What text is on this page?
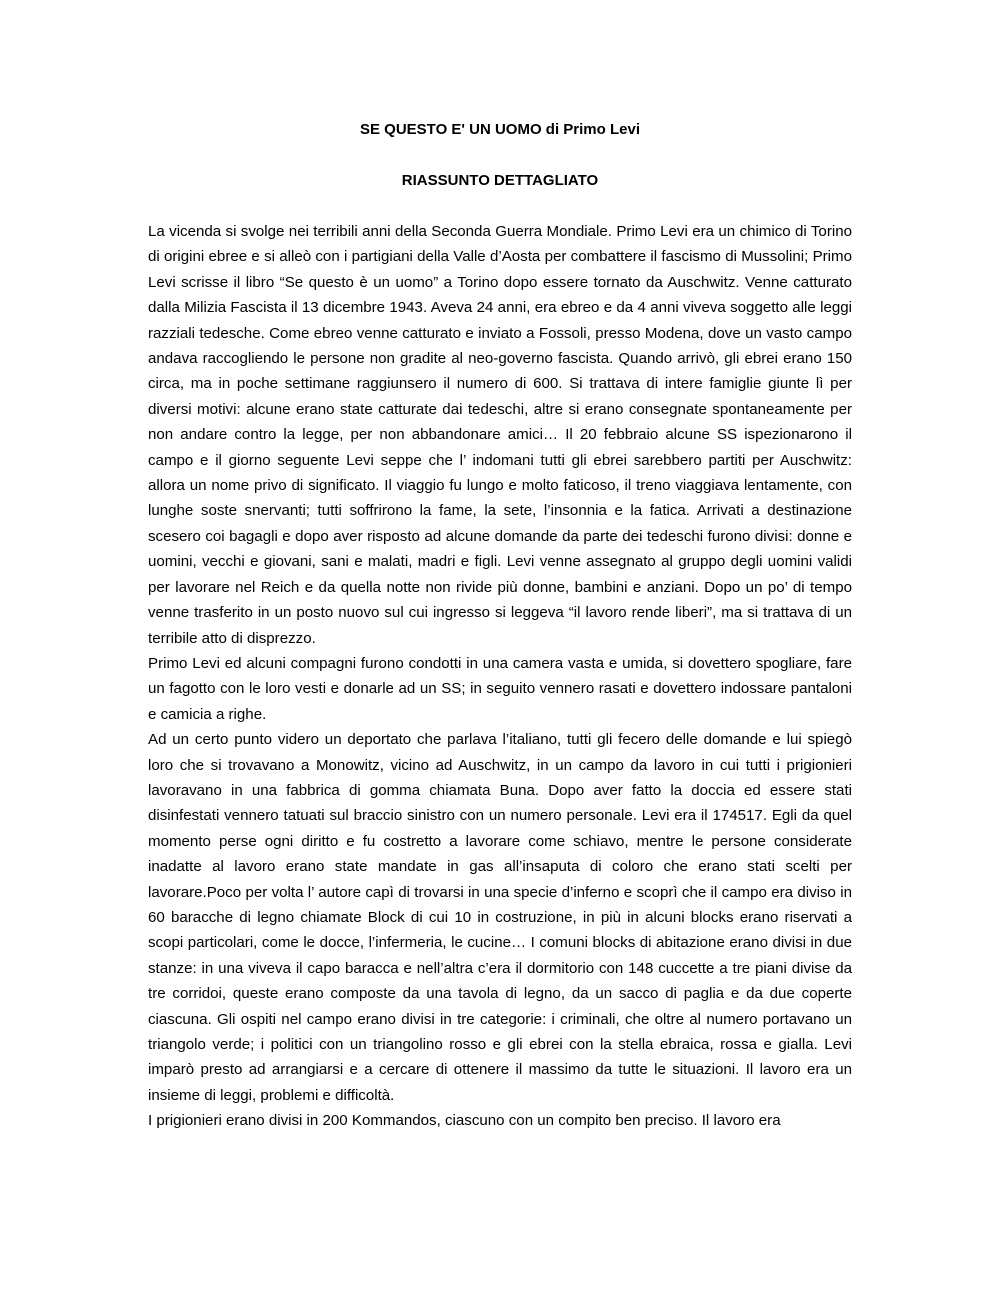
SE QUESTO E' UN UOMO di Primo Levi

RIASSUNTO DETTAGLIATO

La vicenda si svolge nei terribili anni della Seconda Guerra Mondiale. Primo Levi era un chimico di Torino di origini ebree e si alleò con i partigiani della Valle d’Aosta per combattere il fascismo di Mussolini; Primo Levi scrisse il libro “Se questo è un uomo” a Torino dopo essere tornato da Auschwitz. Venne catturato dalla Milizia Fascista il 13 dicembre 1943. Aveva 24 anni, era ebreo e da 4 anni viveva soggetto alle leggi razziali tedesche. Come ebreo venne catturato e inviato a Fossoli, presso Modena, dove un vasto campo andava raccogliendo le persone non gradite al neo-governo fascista. Quando arrivò, gli ebrei erano 150 circa, ma in poche settimane raggiunsero il numero di 600. Si trattava di intere famiglie giunte lì per diversi motivi: alcune erano state catturate dai tedeschi, altre si erano consegnate spontaneamente per non andare contro la legge, per non abbandonare amici… Il 20 febbraio alcune SS ispezionarono il campo e il giorno seguente Levi seppe che l’ indomani tutti gli ebrei sarebbero partiti per Auschwitz: allora un nome privo di significato. Il viaggio fu lungo e molto faticoso, il treno viaggiava lentamente, con lunghe soste snervanti; tutti soffrirono la fame, la sete, l’insonnia e la fatica. Arrivati a destinazione scesero coi bagagli e dopo aver risposto ad alcune domande da parte dei tedeschi furono divisi: donne e uomini, vecchi e giovani, sani e malati, madri e figli. Levi venne assegnato al gruppo degli uomini validi per lavorare nel Reich e da quella notte non rivide più donne, bambini e anziani. Dopo un po’ di tempo venne trasferito in un posto nuovo sul cui ingresso si leggeva “il lavoro rende liberi”, ma si trattava di un terribile atto di disprezzo.

Primo Levi ed alcuni compagni furono condotti in una camera vasta e umida, si dovettero spogliare, fare un fagotto con le loro vesti e donarle ad un SS; in seguito vennero rasati e dovettero indossare pantaloni e camicia a righe.

Ad un certo punto videro un deportato che parlava l’italiano, tutti gli fecero delle domande e lui spiegò loro che si trovavano a Monowitz, vicino ad Auschwitz, in un campo da lavoro in cui tutti i prigionieri lavoravano in una fabbrica di gomma chiamata Buna. Dopo aver fatto la doccia ed essere stati disinfestati vennero tatuati sul braccio sinistro con un numero personale. Levi era il 174517. Egli da quel momento perse ogni diritto e fu costretto a lavorare come schiavo, mentre le persone considerate inadatte al lavoro erano state mandate in gas all’insaputa di coloro che erano stati scelti per lavorare.Poco per volta l’ autore capì di trovarsi in una specie d’inferno e scoprì che il campo era diviso in 60 baracche di legno chiamate Block di cui 10 in costruzione, in più in alcuni blocks erano riservati a scopi particolari, come le docce, l’infermeria, le cucine… I comuni blocks di abitazione erano divisi in due stanze: in una viveva il capo baracca e nell’altra c’era il dormitorio con 148 cuccette a tre piani divise da tre corridoi, queste erano composte da una tavola di legno, da un sacco di paglia e da due coperte ciascuna. Gli ospiti nel campo erano divisi in tre categorie: i criminali, che oltre al numero portavano un triangolo verde; i politici con un triangolino rosso e gli ebrei con la stella ebraica, rossa e gialla. Levi imparò presto ad arrangiarsi e a cercare di ottenere il massimo da tutte le situazioni. Il lavoro era un insieme di leggi, problemi e difficoltà.

I prigionieri erano divisi in 200 Kommandos, ciascuno con un compito ben preciso. Il lavoro era
